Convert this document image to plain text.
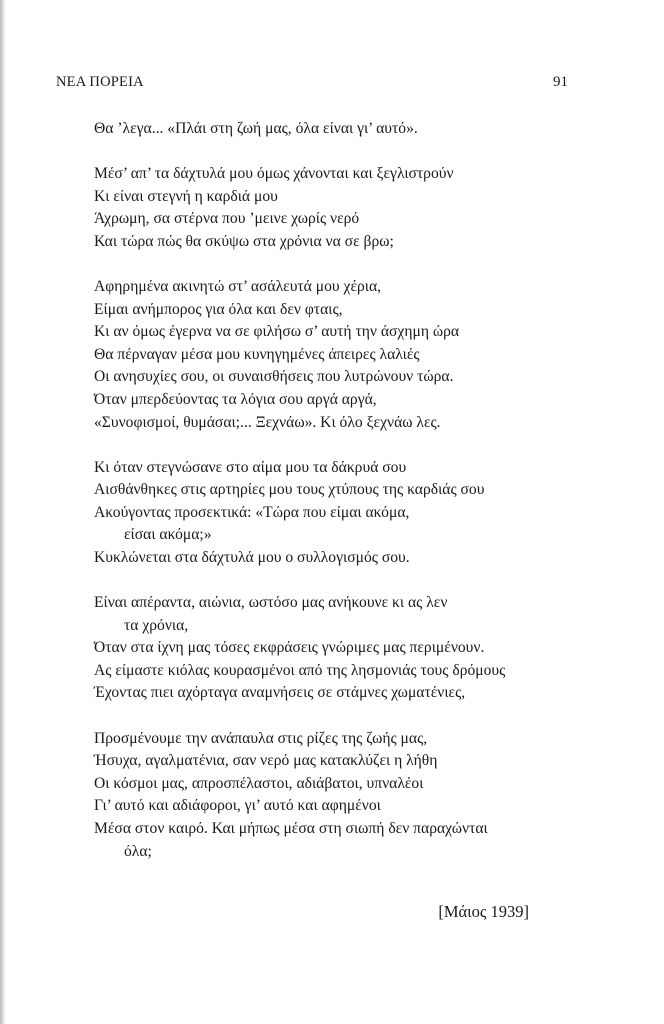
ΝΕΑ ΠΟΡΕΙΑ	91
Θα ’λεγα... «Πλάι στη ζωή μας, όλα είναι γι’ αυτό».
Μέσ’ απ’ τα δάχτυλά μου όμως χάνονται και ξεγλιστρούν
Κι είναι στεγνή η καρδιά μου
Άχρωμη, σα στέρνα που ’μεινε χωρίς νερό
Και τώρα πώς θα σκύψω στα χρόνια να σε βρω;
Αφηρημένα ακινητώ στ’ ασάλευτά μου χέρια,
Είμαι ανήμπορος για όλα και δεν φταις,
Κι αν όμως έγερνα να σε φιλήσω σ’ αυτή την άσχημη ώρα
Θα πέρναγαν μέσα μου κυνηγημένες άπειρες λαλιές
Οι ανησυχίες σου, οι συναισθήσεις που λυτρώνουν τώρα.
Όταν μπερδεύοντας τα λόγια σου αργά αργά,
«Συνοφισμοί, θυμάσαι;... Ξεχνάω». Κι όλο ξεχνάω λες.
Κι όταν στεγνώσανε στο αίμα μου τα δάκρυά σου
Αισθάνθηκες στις αρτηρίες μου τους χτύπους της καρδιάς σου
Ακούγοντας προσεκτικά: «Τώρα που είμαι ακόμα,
είσαι ακόμα;»
Κυκλώνεται στα δάχτυλά μου ο συλλογισμός σου.
Είναι απέραντα, αιώνια, ωστόσο μας ανήκουνε κι ας λεν
τα χρόνια,
Όταν στα ίχνη μας τόσες εκφράσεις γνώριμες μας περιμένουν.
Ας είμαστε κιόλας κουρασμένοι από της λησμονιάς τους δρόμους
Έχοντας πιει αχόρταγα αναμνήσεις σε στάμνες χωματένιες,
Προσμένουμε την ανάπαυλα στις ρίζες της ζωής μας,
Ήσυχα, αγαλματένια, σαν νερό μας κατακλύζει η λήθη
Οι κόσμοι μας, απροσπέλαστοι, αδιάβατοι, υπναλέοι
Γι’ αυτό και αδιάφοροι, γι’ αυτό και αφημένοι
Μέσα στον καιρό. Και μήπως μέσα στη σιωπή δεν παραχώνται
όλα;
[Μάιος 1939]
